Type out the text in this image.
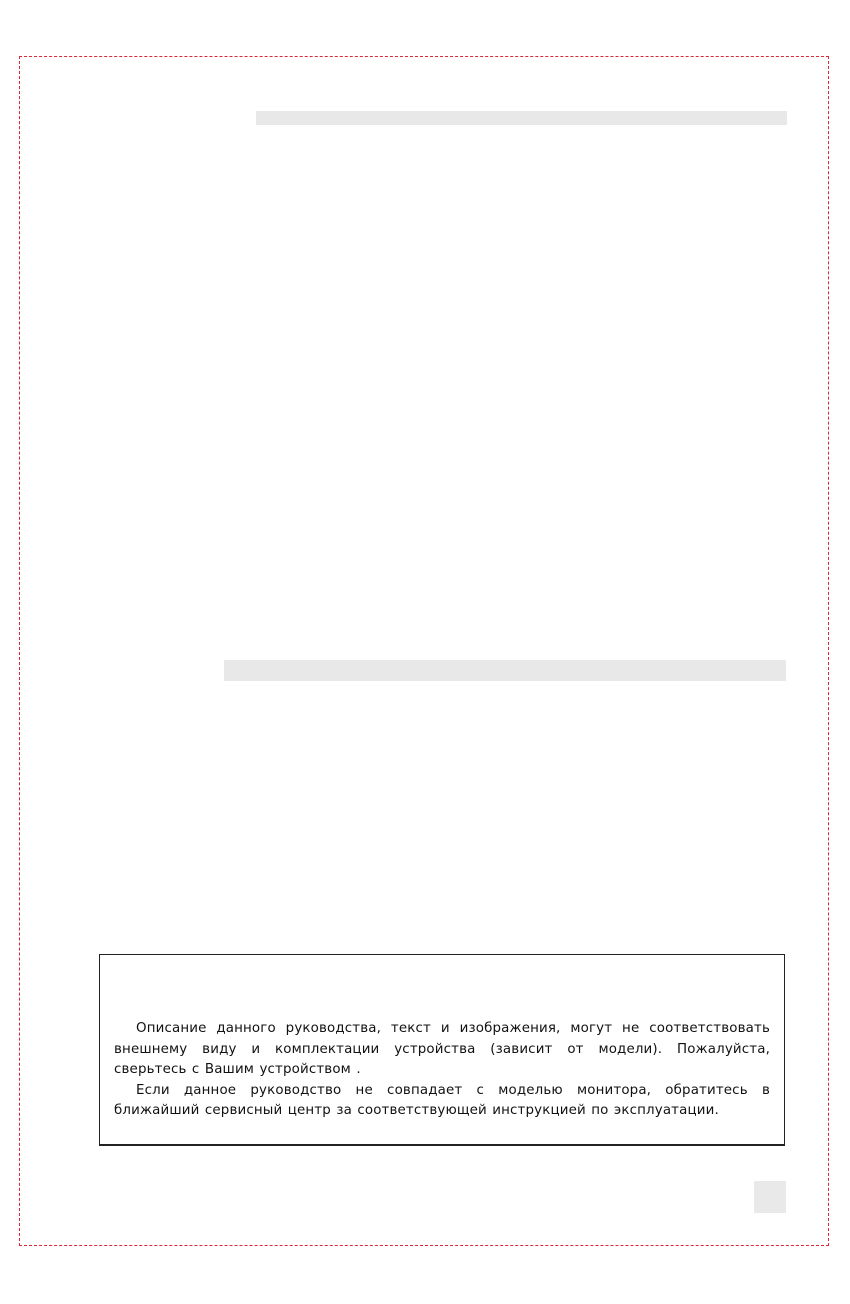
Описание данного руководства, текст и изображения, могут не соответствовать внешнему виду и комплектации устройства (зависит от модели). Пожалуйста, сверьтесь с Вашим устройством .

Если данное руководство не совпадает с моделью монитора, обратитесь в ближайший сервисный центр за соответствующей инструкцией по эксплуатации.
